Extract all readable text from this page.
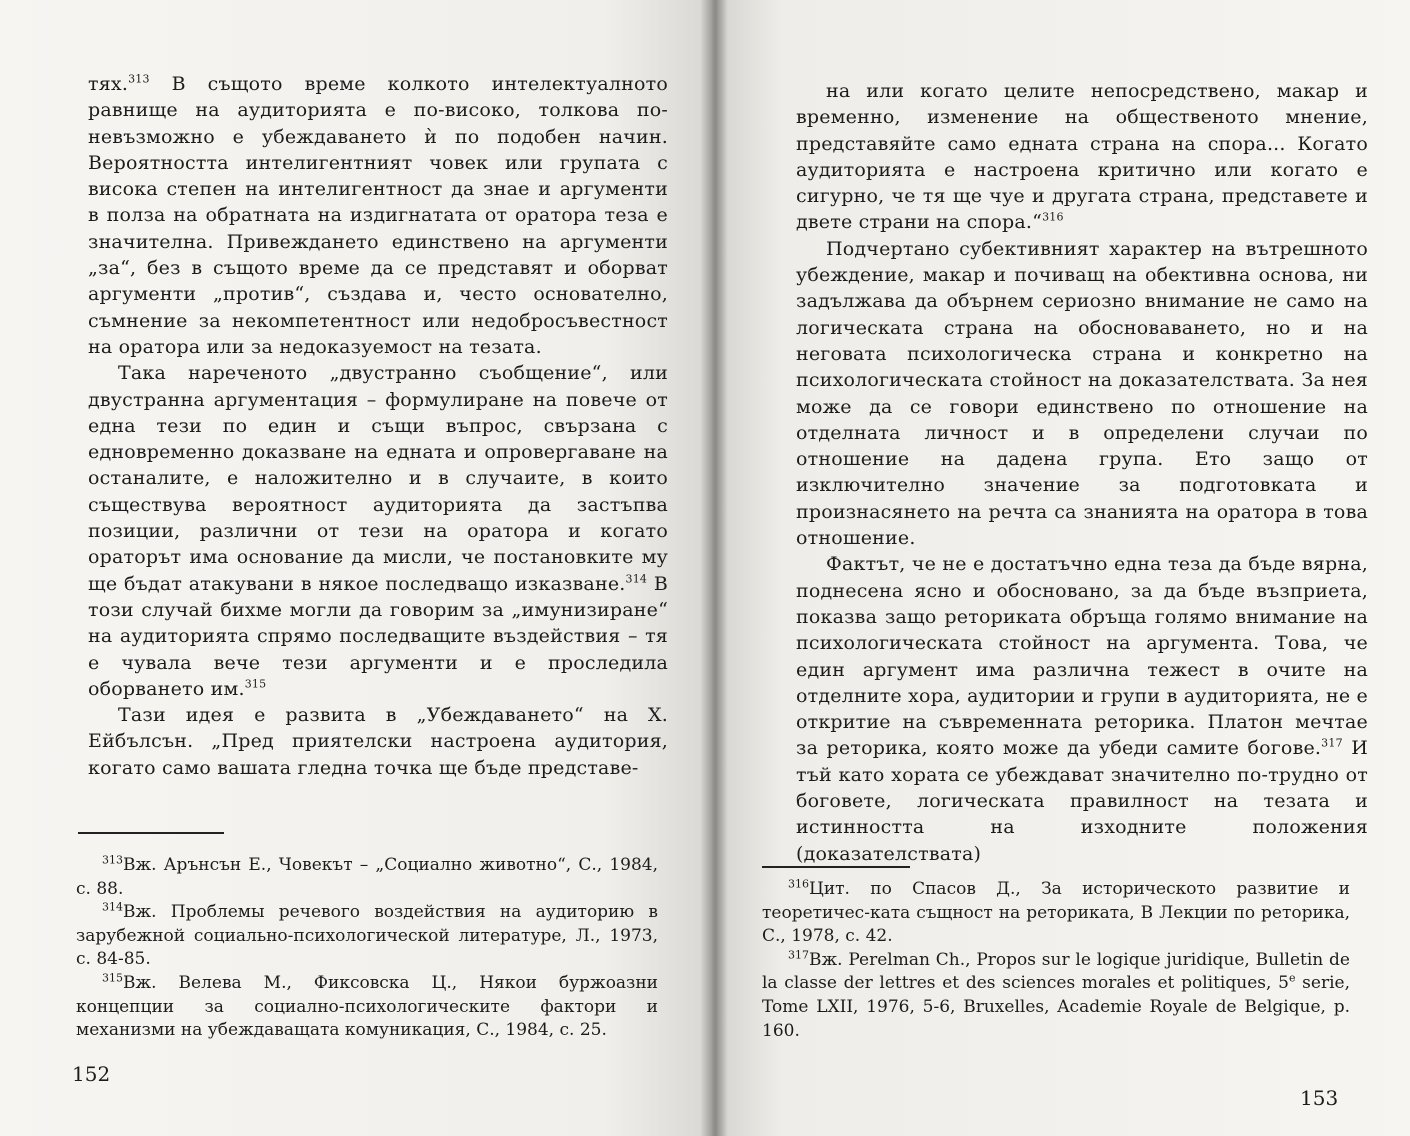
тях.$^{313}$ В същото време колкото интелектуалното равнище на аудиторията е по-високо, толкова по-невъзможно е убеждаването ѝ по подобен начин. Вероятността интелигентният човек или групата с висока степен на интелигентност да знае и аргументи в полза на обратната на издигнатата от оратора теза е значителна. Привеждането единствено на аргументи „за“, без в същото време да се представят и оборват аргументи „против“, създава и, често основателно, съмнение за некомпетентност или недобросъвестност на оратора или за недоказуемост на тезата.

Така нареченото „двустранно съобщение“, или двустранна аргументация – формулиране на повече от една тези по един и същи въпрос, свързана с едновременно доказване на едната и опровергаване на останалите, е наложително и в случаите, в които съществува вероятност аудиторията да застъпва позиции, различни от тези на оратора и когато ораторът има основание да мисли, че постановките му ще бъдат атакувани в някое последващо изказване.$^{314}$ В този случай бихме могли да говорим за „имунизиране“ на аудиторията спрямо последващите въздействия – тя е чувала вече тези аргументи и е проследила оборването им.$^{315}$

Тази идея е развита в „Убеждаването“ на Х. Ейбълсън. „Пред приятелски настроена аудитория, когато само вашата гледна точка ще бъде представе-

$^{313}$Вж. Арънсън Е., Човекът – „Социално животно“, С., 1984, с. 88.

$^{314}$Вж. Проблемы речевого воздействия на аудиторию в зарубежной социально-психологической литературе, Л., 1973, с. 84-85.

$^{315}$Вж. Велева М., Фиксовска Ц., Някои буржоазни концепции за социално-психологическите фактори и механизми на убеждаващата комуникация, С., 1984, с. 25.

152

на или когато целите непосредствено, макар и временно, изменение на общественото мнение, представяйте само едната страна на спора... Когато аудиторията е настроена критично или когато е сигурно, че тя ще чуе и другата страна, представете и двете страни на спора.“$^{316}$

Подчертано субективният характер на вътрешното убеждение, макар и почиващ на обективна основа, ни задължава да обърнем сериозно внимание не само на логическата страна на обосноваването, но и на неговата психологическа страна и конкретно на психологическата стойност на доказателствата. За нея може да се говори единствено по отношение на отделната личност и в определени случаи по отношение на дадена група. Ето защо от изключително значение за подготовката и произнасянето на речта са знанията на оратора в това отношение.

Фактът, че не е достатъчно една теза да бъде вярна, поднесена ясно и обосновано, за да бъде възприета, показва защо реториката обръща голямо внимание на психологическата стойност на аргумента. Това, че един аргумент има различна тежест в очите на отделните хора, аудитории и групи в аудиторията, не е откритие на съвременната реторика. Платон мечтае за реторика, която може да убеди самите богове.$^{317}$ И тъй като хората се убеждават значително по-трудно от боговете, логическата правилност на тезата и истинността на изходните положения (доказателствата)

$^{316}$Цит. по Спасов Д., За историческото развитие и теоретичес-ката същност на реториката, В Лекции по реторика, С., 1978, с. 42.

$^{317}$Вж. Perelman Ch., Propos sur le logique juridique, Bulletin de la classe der lettres et des sciences morales et politiques, 5e serie, Tome LXII, 1976, 5-6, Bruxelles, Academie Royale de Belgique, p. 160.

153
